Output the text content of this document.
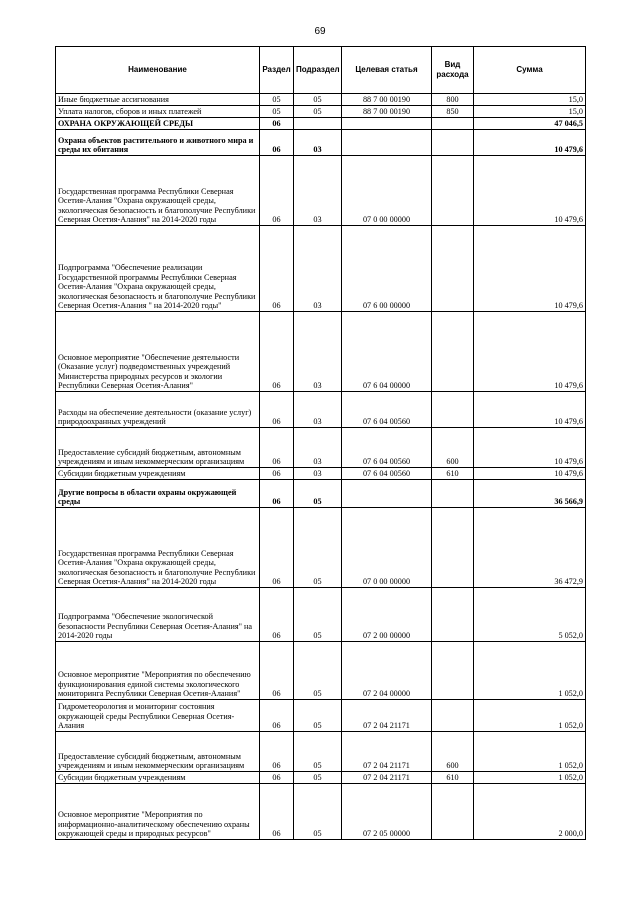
69
Наименование	Раздел	Подраздел	Целевая статья	Вид расхода	Сумма
Иные бюджетные ассигнования	05	05	88 7 00 00190	800	15,0
Уплата налогов, сборов и иных платежей	05	05	88 7 00 00190	850	15,0
ОХРАНА ОКРУЖАЮЩЕЙ СРЕДЫ	06				47 046,5
Охрана объектов растительного и животного мира и среды их обитания	06	03			10 479,6
Государственная программа Республики Северная Осетия-Алания "Охрана окружающей среды, экологическая безопасность и благополучие Республики Северная Осетия-Алания" на 2014-2020 годы	06	03	07 0 00 00000		10 479,6
Подпрограмма "Обеспечение реализации Государственной программы Республики Северная Осетия-Алания "Охрана окружающей среды, экологическая безопасность и благополучие Республики Северная Осетия-Алания " на 2014-2020 годы"	06	03	07 6 00 00000		10 479,6
Основное мероприятие "Обеспечение деятельности (Оказание услуг) подведомственных учреждений Министерства природных ресурсов и экологии Республики Северная Осетия-Алания"	06	03	07 6 04 00000		10 479,6
Расходы на обеспечение деятельности (оказание услуг) природоохранных учреждений	06	03	07 6 04 00560		10 479,6
Предоставление субсидий бюджетным, автономным учреждениям и иным некоммерческим организациям	06	03	07 6 04 00560	600	10 479,6
Субсидии бюджетным учреждениям	06	03	07 6 04 00560	610	10 479,6
Другие вопросы в области охраны окружающей среды	06	05			36 566,9
Государственная программа Республики Северная Осетия-Алания "Охрана окружающей среды, экологическая безопасность и благополучие Республики Северная Осетия-Алания" на 2014-2020 годы	06	05	07 0 00 00000		36 472,9
Подпрограмма "Обеспечение экологической безопасности Республики Северная Осетия-Алания" на 2014-2020 годы	06	05	07 2 00 00000		5 052,0
Основное мероприятие "Мероприятия по обеспечению функционирования единой системы экологического мониторинга Республики Северная Осетия-Алания"	06	05	07 2 04 00000		1 052,0
Гидрометеорология и мониторинг состояния окружающей среды Республики Северная Осетия-Алания	06	05	07 2 04 21171		1 052,0
Предоставление субсидий бюджетным, автономным учреждениям и иным некоммерческим организациям	06	05	07 2 04 21171	600	1 052,0
Субсидии бюджетным учреждениям	06	05	07 2 04 21171	610	1 052,0
Основное мероприятие "Мероприятия по информационно-аналитическому обеспечению охраны окружающей среды и природных ресурсов"	06	05	07 2 05 00000		2 000,0
